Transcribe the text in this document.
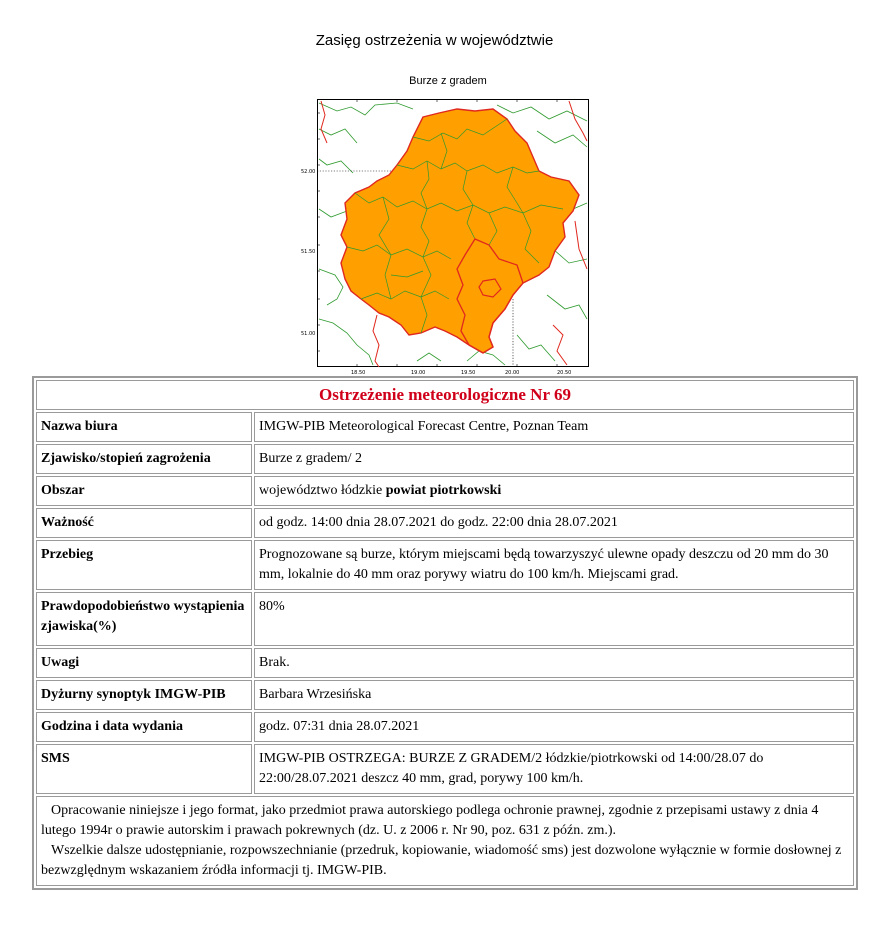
Zasięg ostrzeżenia w województwie
Burze z gradem
52.00
51.50
51.00
18.50	19.00	19.50	20.00	20.50
Ostrzeżenie meteorologiczne Nr 69	
Nazwa biura	IMGW-PIB Meteorological Forecast Centre, Poznan Team
Zjawisko/stopień zagrożenia	Burze z gradem/ 2
Obszar	województwo łódzkie powiat piotrkowski
Ważność	od godz. 14:00 dnia 28.07.2021 do godz. 22:00 dnia 28.07.2021
Przebieg	Prognozowane są burze, którym miejscami będą towarzyszyć ulewne opady deszczu od 20 mm do 30 mm, lokalnie do 40 mm oraz porywy wiatru do 100 km/h. Miejscami grad.
Prawdopodobieństwo wystąpienia zjawiska(%)	80%
Uwagi	Brak.
Dyżurny synoptyk IMGW-PIB	Barbara Wrzesińska
Godzina i data wydania	godz. 07:31 dnia 28.07.2021
SMS	IMGW-PIB OSTRZEGA: BURZE Z GRADEM/2 łódzkie/piotrkowski od 14:00/28.07 do 22:00/28.07.2021 deszcz 40 mm, grad, porywy 100 km/h.

Opracowanie niniejsze i jego format, jako przedmiot prawa autorskiego podlega ochronie prawnej, zgodnie z przepisami ustawy z dnia 4 lutego 1994r o prawie autorskim i prawach pokrewnych (dz. U. z 2006 r. Nr 90, poz. 631 z późn. zm.).
Wszelkie dalsze udostępnianie, rozpowszechnianie (przedruk, kopiowanie, wiadomość sms) jest dozwolone wyłącznie w formie dosłownej z bezwzględnym wskazaniem źródła informacji tj. IMGW-PIB.	
